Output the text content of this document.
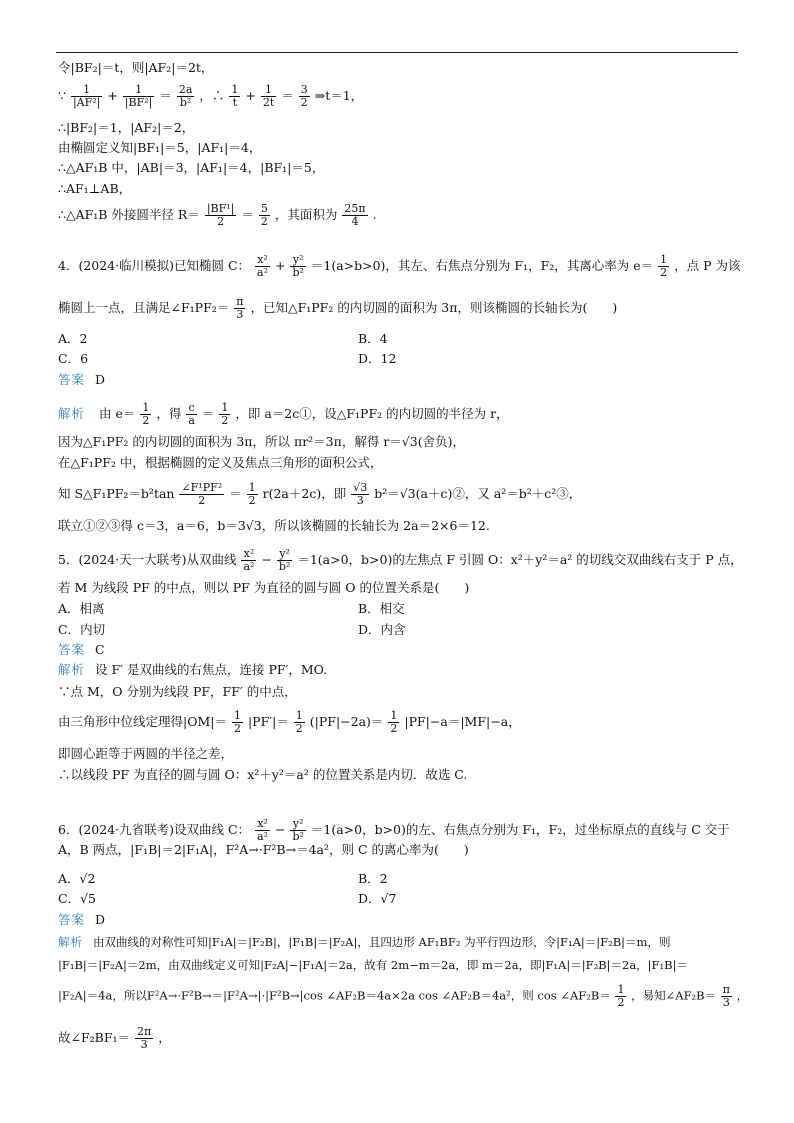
令|BF₂|＝t，则|AF₂|＝2t，
∵ $\frac{1}{\text{|AF²|}} + \frac{1}{\text{|BF²|}} = \frac{2a}{\text{b²}}$ ，∴ $\frac{1}{t} + \frac{1}{2t} = \frac{3}{2}$ ⇒t＝1，
∴|BF₂|＝1，|AF₂|＝2，
由椭圆定义知|BF₁|＝5，|AF₁|＝4，
∴△AF₁B 中，|AB|＝3，|AF₁|＝4，|BF₁|＝5，
∴AF₁⊥AB，
∴△AF₁B 外接圆半径 $R= \frac{\text{|BF¹|}}{2} = \frac{5}{2}$ ，其面积为 $\frac{25\pi}{4}$ .
4．(2024·临川模拟)已知椭圆 C： $\frac{\text{x²}}{\text{a²}} + \frac{\text{y²}}{\text{b²}} =1(a>b>0)$，其左、右焦点分别为 F₁，F₂，其离心率为 $e= \frac{1}{2}$ ，点 P 为该
椭圆上一点，且满足∠F₁PF₂＝ $\frac{\pi}{3}$ ，已知△F₁PF₂ 的内切圆的面积为 3π，则该椭圆的长轴长为(　　)
A．2	B．4
C．6	D．12
答案 D
解析 由 $e= \frac{1}{2}$ ，得 $\frac{c}{a} = \frac{1}{2}$ ，即 a＝2c①，设△F₁PF₂ 的内切圆的半径为 r，
因为△F₁PF₂ 的内切圆的面积为 3π，所以 πr²＝3π，解得 r＝√3(舍负)，
在△F₁PF₂ 中，根据椭圆的定义及焦点三角形的面积公式，
知 S△F₁PF₂＝b²tan $\frac{\text{∠F¹PF²}}{2} = \frac{1}{2} r(2a+2c)$，即 $\frac{√3}{3}$ b²＝√3(a＋c)②，又 a²＝b²＋c²③，
联立①②③得 c＝3，a＝6，b＝3√3，所以该椭圆的长轴长为 2a＝2×6＝12.
5．(2024·天一大联考)从双曲线 $\frac{\text{x²}}{\text{a²}} - \frac{\text{y²}}{\text{b²}} =1(a>0$，b>0)的左焦点 F 引圆 O：x²＋y²＝a² 的切线交双曲线右支于 P 点，
若 M 为线段 PF 的中点，则以 PF 为直径的圆与圆 O 的位置关系是(　　)
A．相离	B．相交
C．内切	D．内含
答案 C
解析 设 F′ 是双曲线的右焦点，连接 PF′，MO.
∵点 M，O 分别为线段 PF，FF′ 的中点，
由三角形中位线定理得$|OM|= \frac{1}{2} |PF'|= \frac{1}{2} (|PF|-2a)= \frac{1}{2} |PF|-a=|MF|-a$，
即圆心距等于两圆的半径之差，
∴以线段 PF 为直径的圆与圆 O：x²＋y²＝a² 的位置关系是内切．故选 C.
6．(2024·九省联考)设双曲线 C： $\frac{\text{x²}}{\text{a²}} - \frac{\text{y²}}{\text{b²}} =1(a>0$，b>0)的左、右焦点分别为 F₁，F₂，过坐标原点的直线与 C 交于
A，B 两点，|F₁B|＝2|F₁A|，F²A→·F²B→＝4a²，则 C 的离心率为(　　)
A．√2	B．2
C．√5	D．√7
答案 D
解析 由双曲线的对称性可知|F₁A|＝|F₂B|，|F₁B|＝|F₂A|，且四边形 AF₁BF₂ 为平行四边形，令|F₁A|＝|F₂B|＝m，则
|F₁B|＝|F₂A|＝2m，由双曲线定义可知|F₂A|−|F₁A|＝2a，故有 2m−m＝2a，即 m＝2a，即|F₁A|＝|F₂B|＝2a，|F₁B|＝
|F₂A|＝4a，所以F²A→·F²B→＝|F²A→|·|F²B→|cos ∠AF₂B＝4a×2a cos ∠AF₂B＝4a²，则 cos ∠AF₂B＝ $\frac{1}{2}$ ，易知∠AF₂B＝ $\frac{\pi}{3}$ ，
故∠F₂BF₁＝ $\frac{2\pi}{3}$ ，
